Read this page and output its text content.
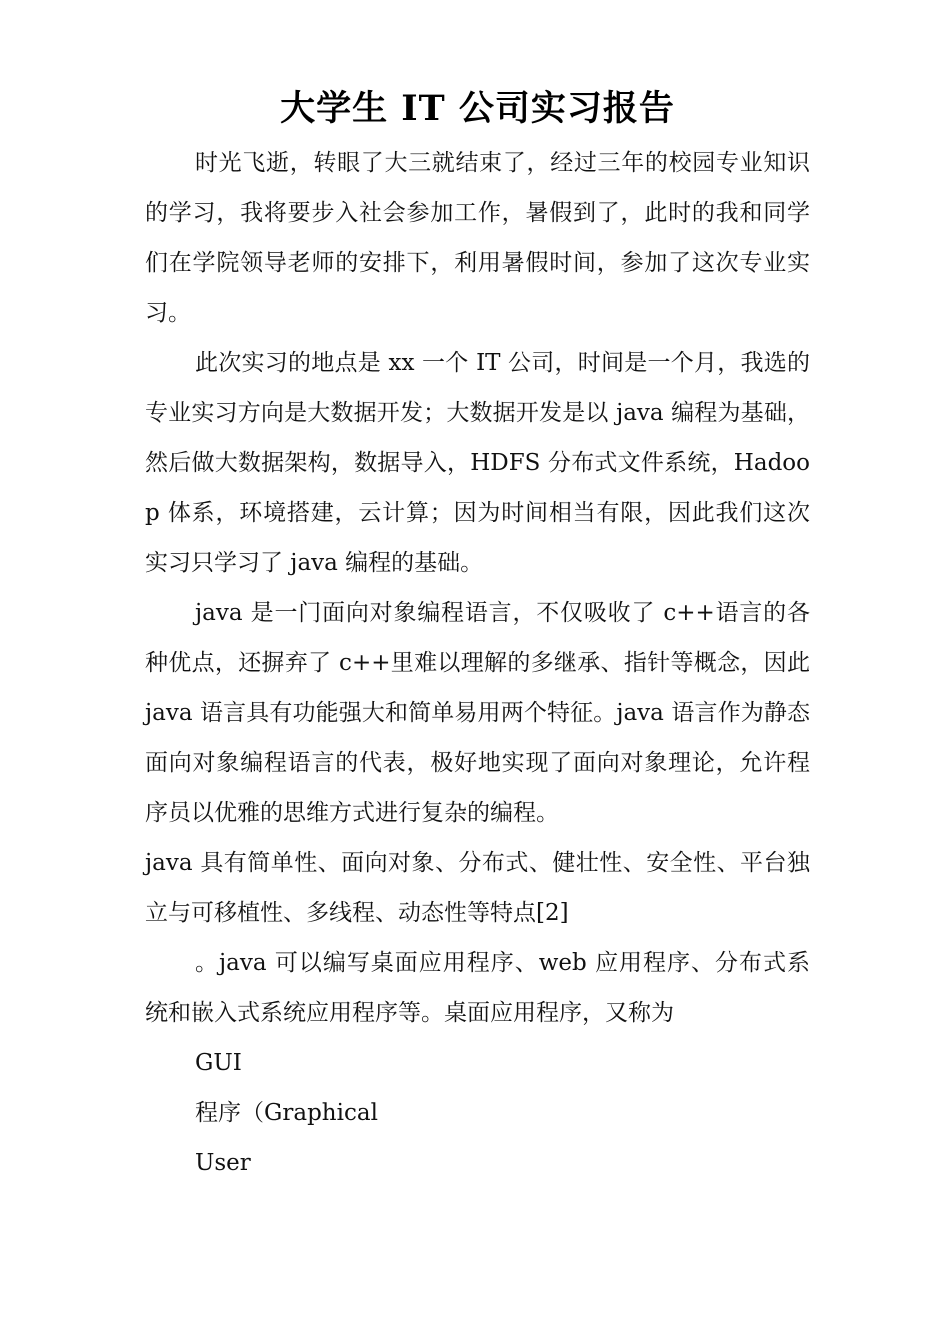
大学生 IT 公司实习报告

时光飞逝，转眼了大三就结束了，经过三年的校园专业知识的学习，我将要步入社会参加工作，暑假到了，此时的我和同学们在学院领导老师的安排下，利用暑假时间，参加了这次专业实习。

此次实习的地点是 xx 一个 IT 公司，时间是一个月，我选的专业实习方向是大数据开发；大数据开发是以 java 编程为基础，然后做大数据架构，数据导入，HDFS 分布式文件系统，Hadoop 体系，环境搭建，云计算；因为时间相当有限，因此我们这次实习只学习了 java 编程的基础。

java 是一门面向对象编程语言，不仅吸收了 c++语言的各种优点，还摒弃了 c++里难以理解的多继承、指针等概念，因此 java 语言具有功能强大和简单易用两个特征。java 语言作为静态面向对象编程语言的代表，极好地实现了面向对象理论，允许程序员以优雅的思维方式进行复杂的编程。

java 具有简单性、面向对象、分布式、健壮性、安全性、平台独立与可移植性、多线程、动态性等特点[2]

。java 可以编写桌面应用程序、web 应用程序、分布式系统和嵌入式系统应用程序等。桌面应用程序，又称为

GUI

程序（Graphical

User
